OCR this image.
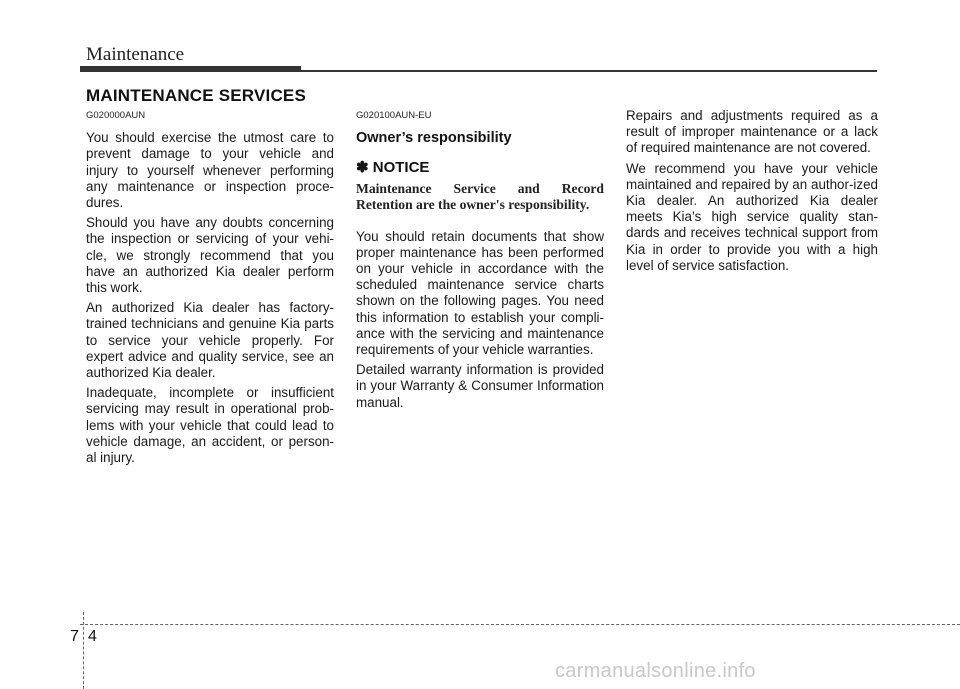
Maintenance
MAINTENANCE SERVICES

G020000AUN

You should exercise the utmost care to prevent damage to your vehicle and injury to yourself whenever performing any maintenance or inspection proce-dures.

Should you have any doubts concerning the inspection or servicing of your vehi-cle, we strongly recommend that you have an authorized Kia dealer perform this work.

An authorized Kia dealer has factory-trained technicians and genuine Kia parts to service your vehicle properly. For expert advice and quality service, see an authorized Kia dealer.

Inadequate, incomplete or insufficient servicing may result in operational prob-lems with your vehicle that could lead to vehicle damage, an accident, or person-al injury.

G020100AUN-EU

Owner’s responsibility

✽ NOTICE

Maintenance Service and Record Retention are the owner's responsibility.

You should retain documents that show proper maintenance has been performed on your vehicle in accordance with the scheduled maintenance service charts shown on the following pages. You need this information to establish your compli-ance with the servicing and maintenance requirements of your vehicle warranties.

Detailed warranty information is provided in your Warranty & Consumer Information manual.

Repairs and adjustments required as a result of improper maintenance or a lack of required maintenance are not covered.

We recommend you have your vehicle maintained and repaired by an author-ized Kia dealer. An authorized Kia dealer meets Kia’s high service quality stan-dards and receives technical support from Kia in order to provide you with a high level of service satisfaction.

7 4
carmanualsonline.info
